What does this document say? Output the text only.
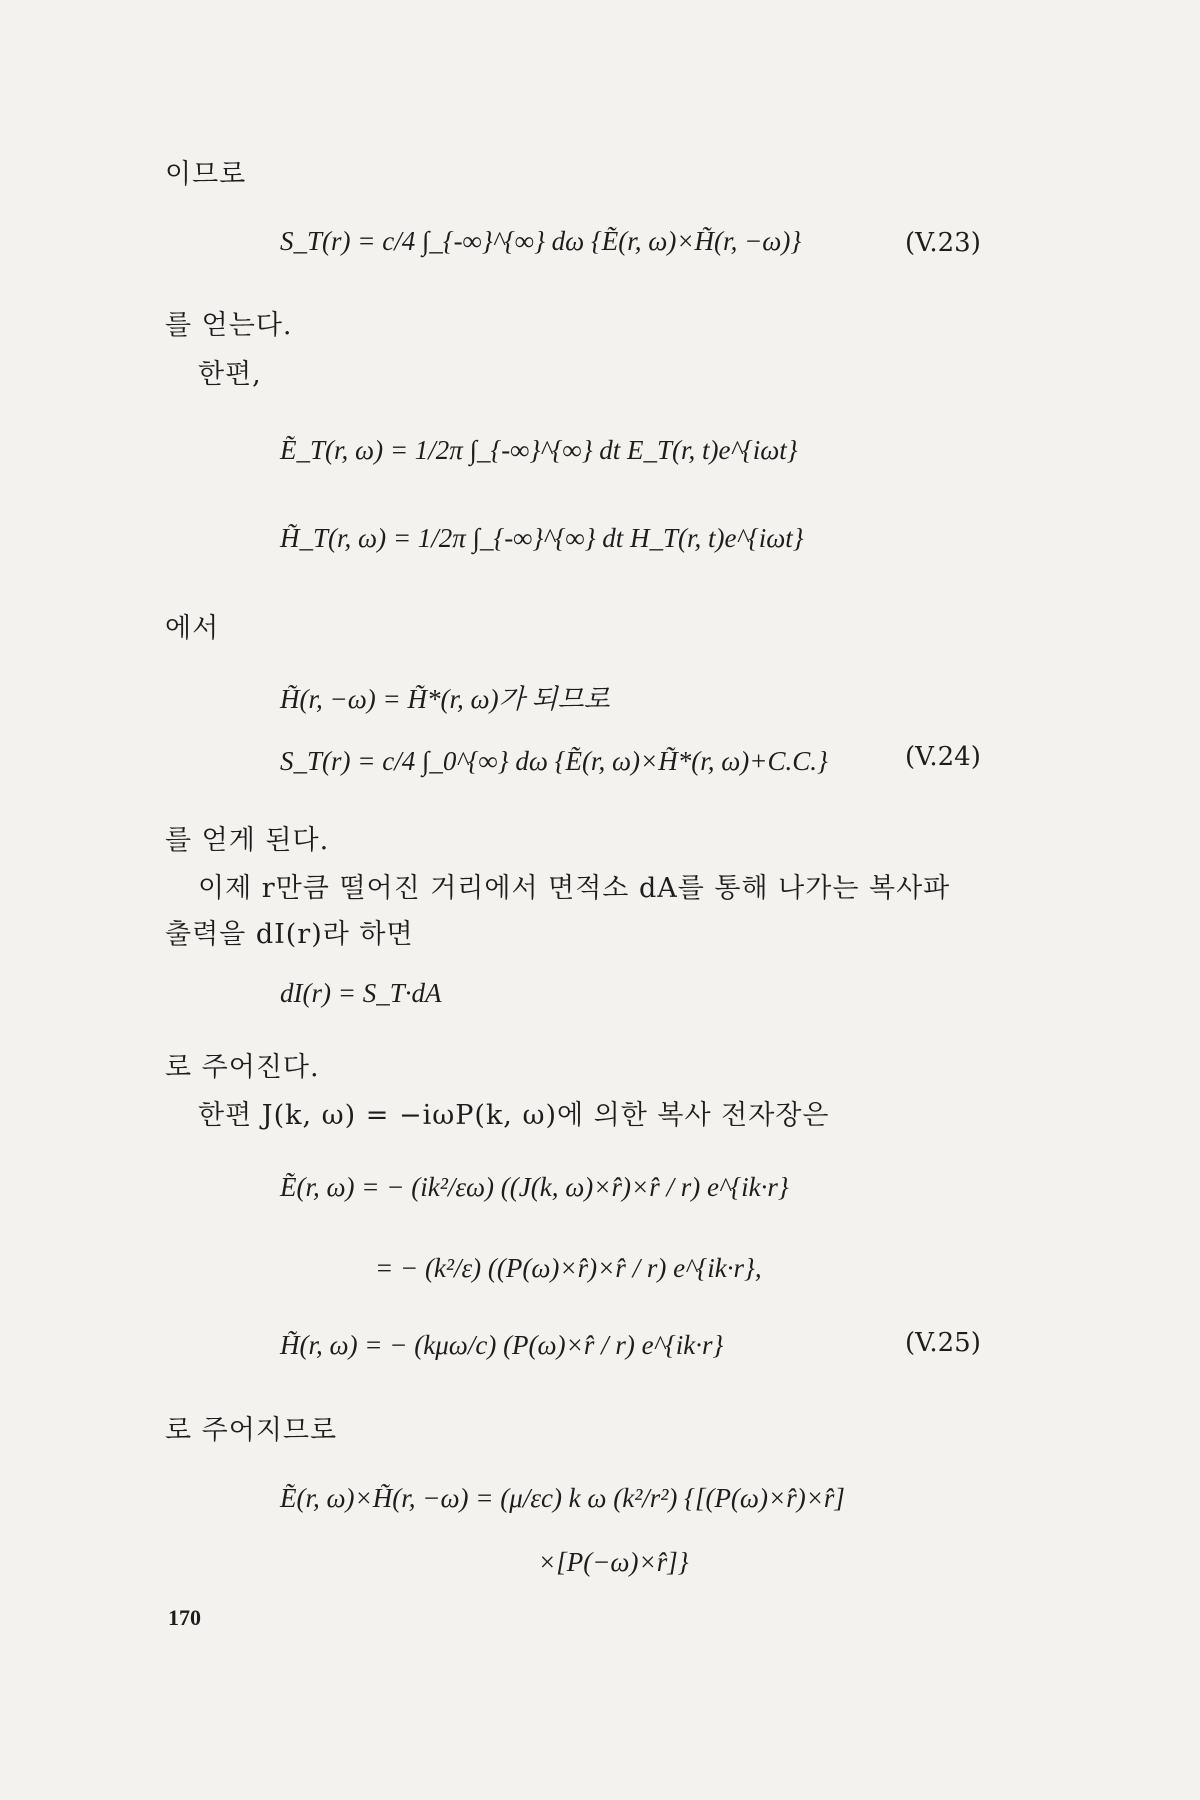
이므로
S_T(r) = c/4 ∫_{-∞}^{∞} dω {Ẽ(r, ω)×H̃(r, −ω)}	(V.23)
를 얻는다.
한편,
Ẽ_T(r, ω) = 1/2π ∫_{-∞}^{∞} dt E_T(r, t)e^{iωt}
H̃_T(r, ω) = 1/2π ∫_{-∞}^{∞} dt H_T(r, t)e^{iωt}
에서
H̃(r, −ω) = H̃*(r, ω)가 되므로
S_T(r) = c/4 ∫_0^{∞} dω {Ẽ(r, ω)×H̃*(r, ω)+C.C.}	(V.24)
를 얻게 된다.
이제 r만큼 떨어진 거리에서 면적소 dA를 통해 나가는 복사파
출력을 dI(r)라 하면
dI(r) = S_T·dA
로 주어진다.
한편 J(k, ω) = −iωP(k, ω)에 의한 복사 전자장은
Ẽ(r, ω) = − (ik²/εω) ((J(k, ω)×r̂)×r̂ / r) e^{ik·r}
= − (k²/ε) ((P(ω)×r̂)×r̂ / r) e^{ik·r},
H̃(r, ω) = − (kμω/c) (P(ω)×r̂ / r) e^{ik·r}	(V.25)
로 주어지므로
Ẽ(r, ω)×H̃(r, −ω) = (μ/εc) k ω (k²/r²) {[(P(ω)×r̂)×r̂]
×[P(−ω)×r̂]}
170
